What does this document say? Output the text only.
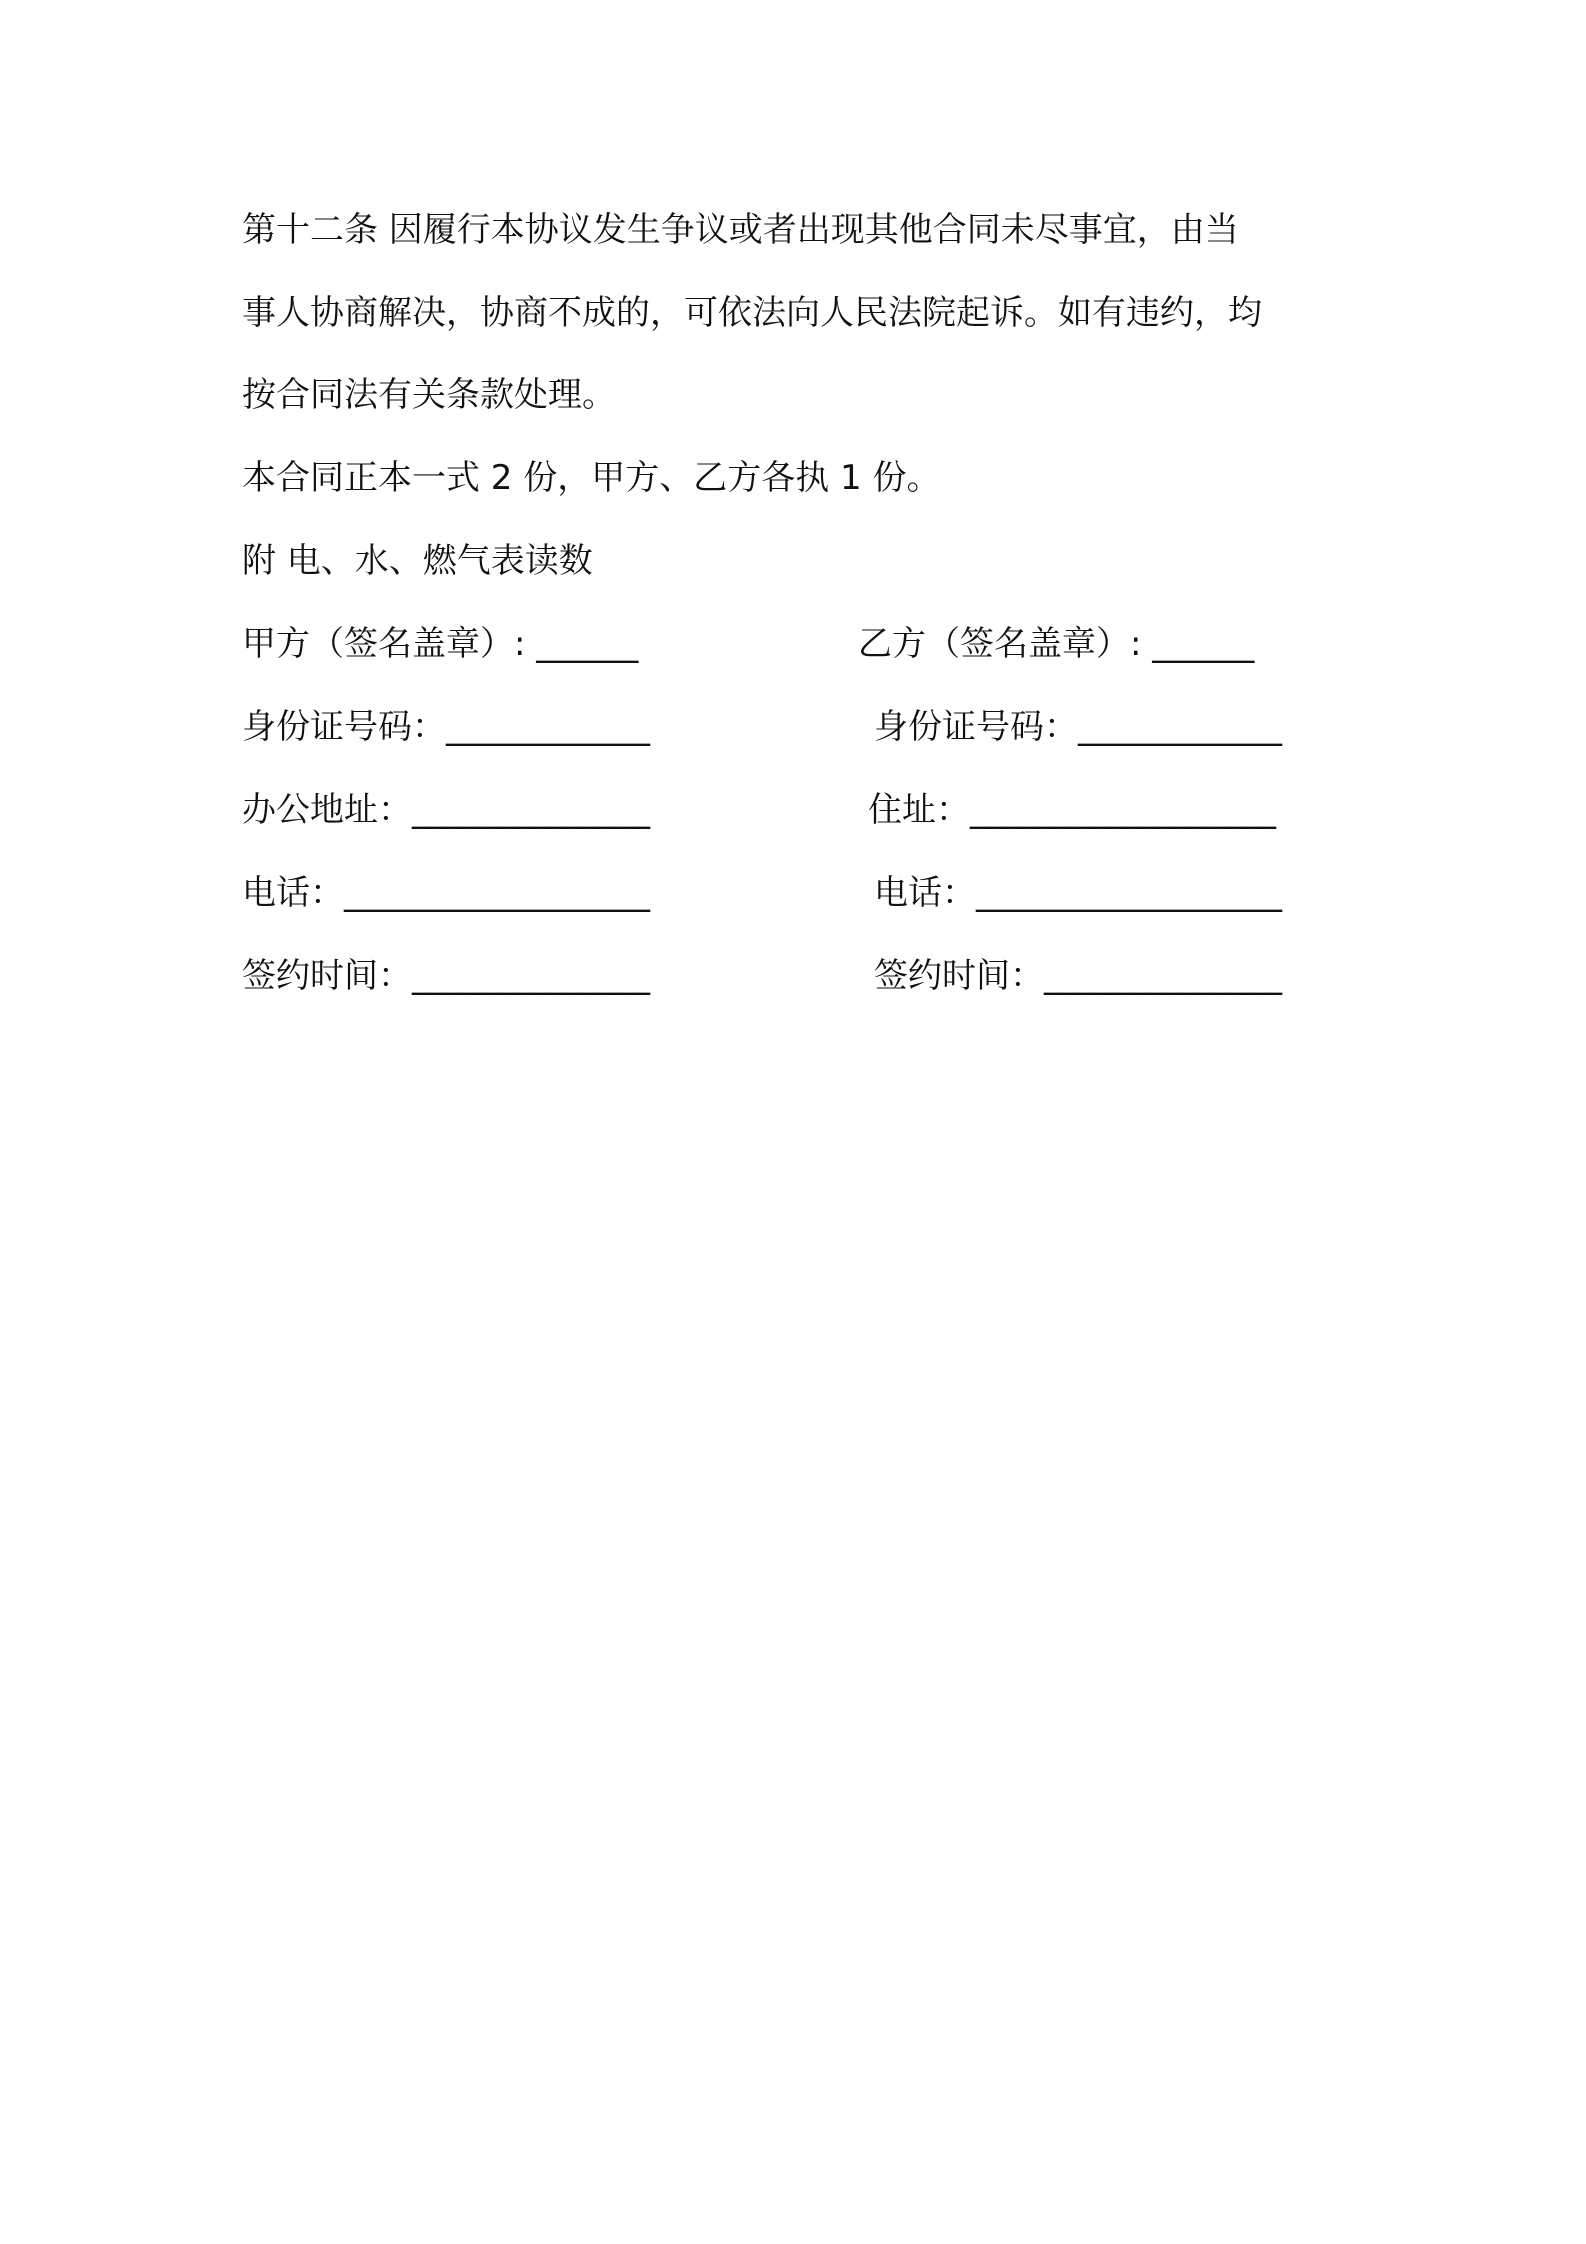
第十二条 因履行本协议发生争议或者出现其他合同未尽事宜，由当
事人协商解决，协商不成的，可依法向人民法院起诉。如有违约，均
按合同法有关条款处理。
本合同正本一式 2 份，甲方、乙方各执 1 份。
附 电、水、燃气表读数
甲方（签名盖章）: ______	乙方（签名盖章）: ______
身份证号码：____________	身份证号码：____________
办公地址：______________	住址：__________________
电话：__________________	电话：__________________
签约时间：______________	签约时间：______________
